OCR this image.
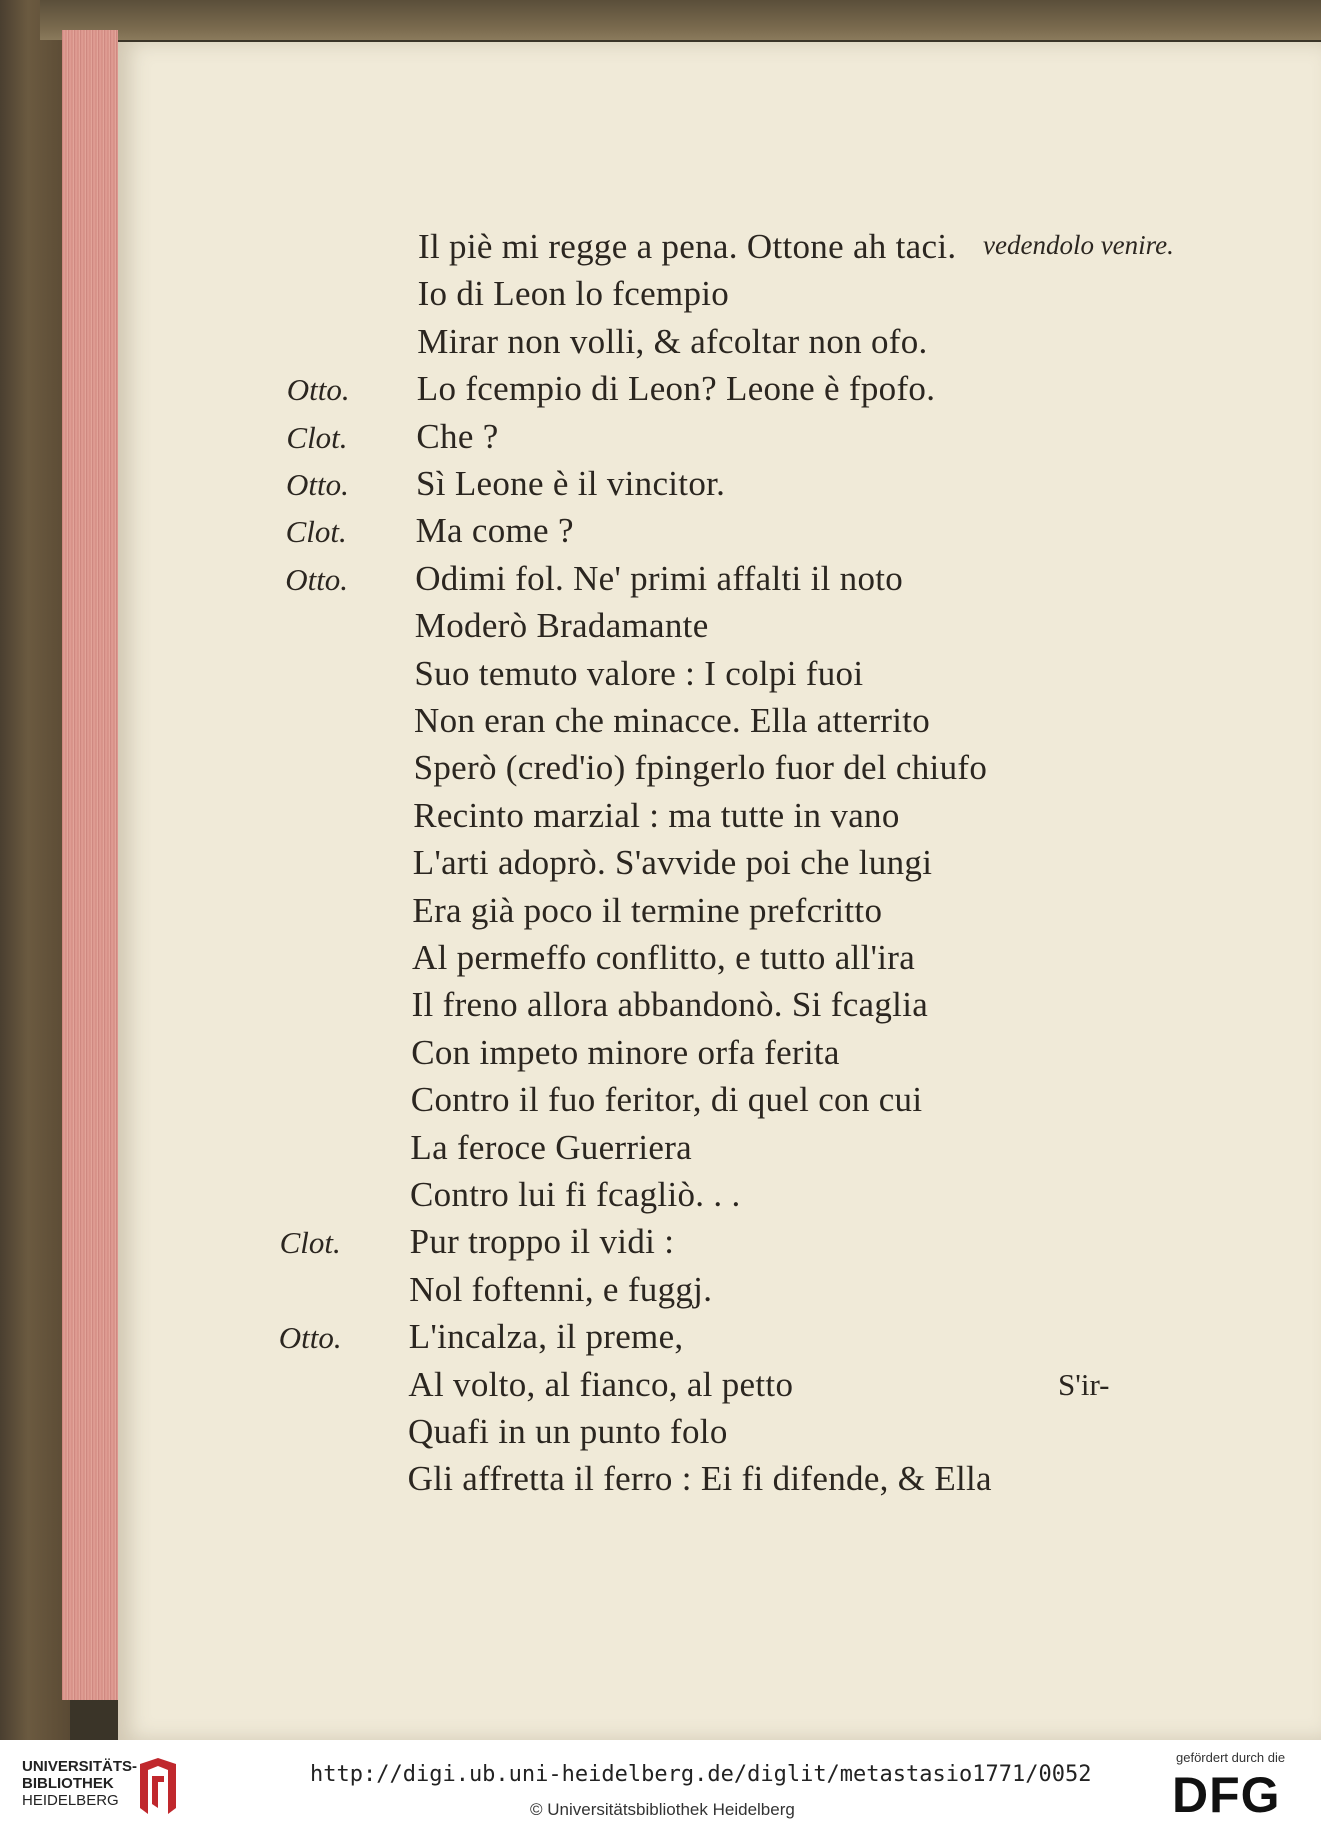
Il piè mi regge a pena. Ottone ah taci.
Io di Leon lo fcempio
Mirar non volli, & afcoltar non ofo.
Otto. Lo fcempio di Leon? Leone è fpofo.
Clot. Che ?
Otto. Sì Leone è il vincitor.
Clot. Ma come ?
Otto. Odimi fol. Ne' primi affalti il noto
Moderò Bradamante
Suo temuto valore : I colpi fuoi
Non eran che minacce. Ella atterrito
Sperò (cred'io) fpingerlo fuor del chiufo
Recinto marzial : ma tutte in vano
L'arti adoprò. S'avvide poi che lungi
Era già poco il termine prefcritto
Al permeffo conflitto, e tutto all'ira
Il freno allora abbandonò. Si fcaglia
Con impeto minore orfa ferita
Contro il fuo feritor, di quel con cui
La feroce Guerriera
Contro lui fi fcagliò. . .
Clot. Pur troppo il vidi :
Nol foftenni, e fuggj.
Otto. L'incalza, il preme,
Al volto, al fianco, al petto
Quafi in un punto folo
Gli affretta il ferro : Ei fi difende, & Ella
vedendolo venire.
S'ir-
UNIVERSITÄTS-
BIBLIOTHEK
HEIDELBERG
http://digi.ub.uni-heidelberg.de/diglit/metastasio1771/0052
© Universitätsbibliothek Heidelberg
gefördert durch die
DFG
